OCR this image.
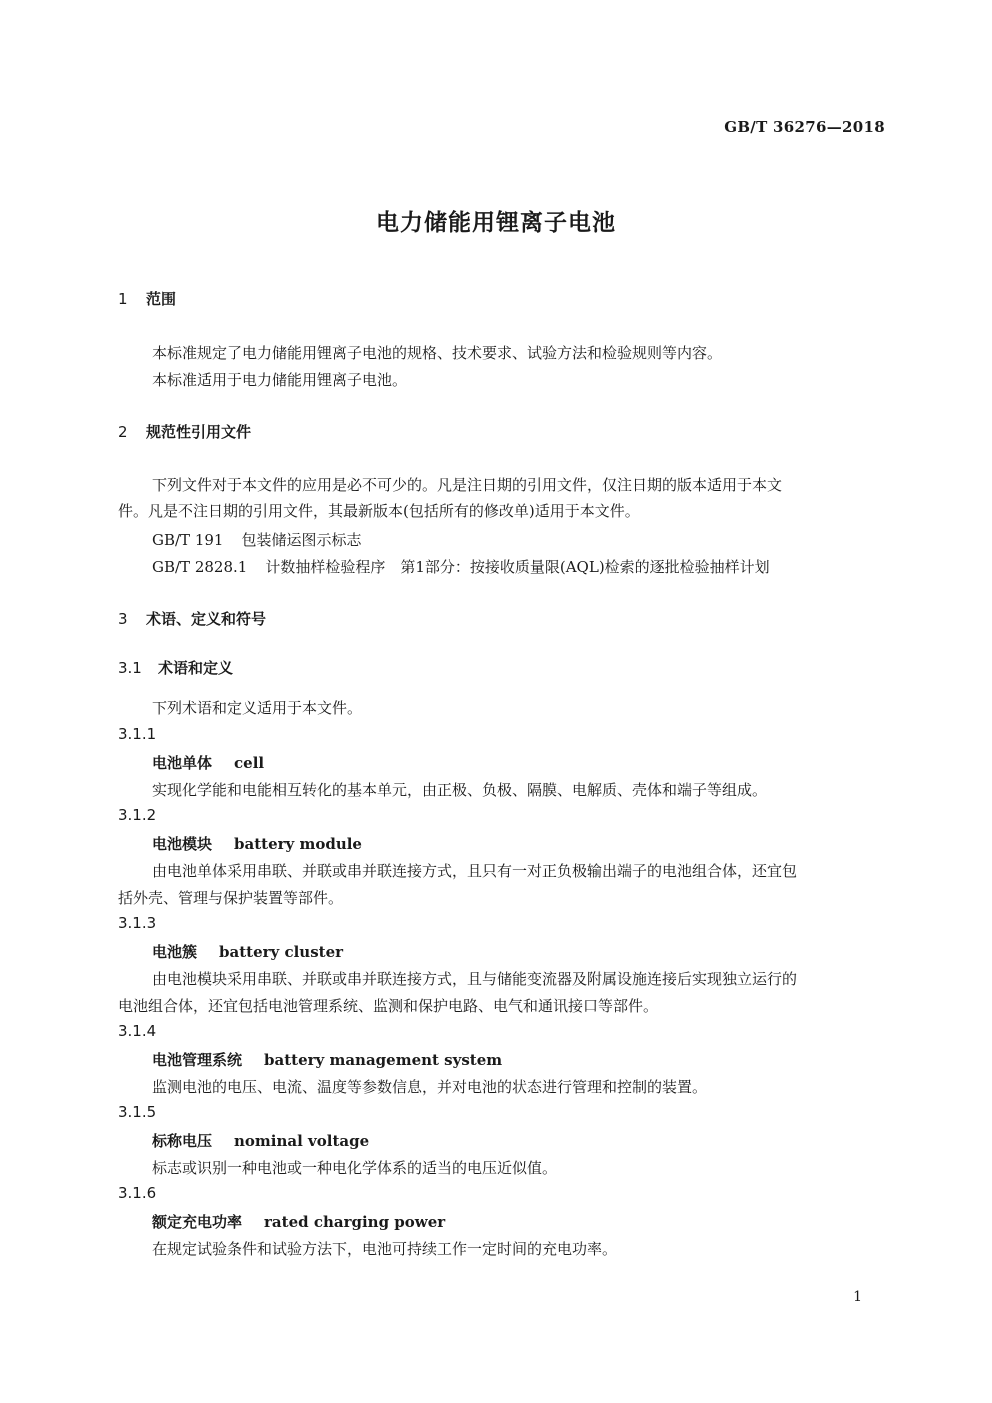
GB/T 36276—2018
电力储能用锂离子电池
1 范围
本标准规定了电力储能用锂离子电池的规格、技术要求、试验方法和检验规则等内容。
本标准适用于电力储能用锂离子电池。
2 规范性引用文件
下列文件对于本文件的应用是必不可少的。凡是注日期的引用文件，仅注日期的版本适用于本文
件。凡是不注日期的引用文件，其最新版本(包括所有的修改单)适用于本文件。
GB/T 191 包装储运图示标志
GB/T 2828.1 计数抽样检验程序　第1部分：按接收质量限(AQL)检索的逐批检验抽样计划
3 术语、定义和符号
3.1 术语和定义
下列术语和定义适用于本文件。
3.1.1
电池单体 cell
实现化学能和电能相互转化的基本单元，由正极、负极、隔膜、电解质、壳体和端子等组成。
3.1.2
电池模块 battery module
由电池单体采用串联、并联或串并联连接方式，且只有一对正负极输出端子的电池组合体，还宜包
括外壳、管理与保护装置等部件。
3.1.3
电池簇 battery cluster
由电池模块采用串联、并联或串并联连接方式，且与储能变流器及附属设施连接后实现独立运行的
电池组合体，还宜包括电池管理系统、监测和保护电路、电气和通讯接口等部件。
3.1.4
电池管理系统 battery management system
监测电池的电压、电流、温度等参数信息，并对电池的状态进行管理和控制的装置。
3.1.5
标称电压 nominal voltage
标志或识别一种电池或一种电化学体系的适当的电压近似值。
3.1.6
额定充电功率 rated charging power
在规定试验条件和试验方法下，电池可持续工作一定时间的充电功率。
1
